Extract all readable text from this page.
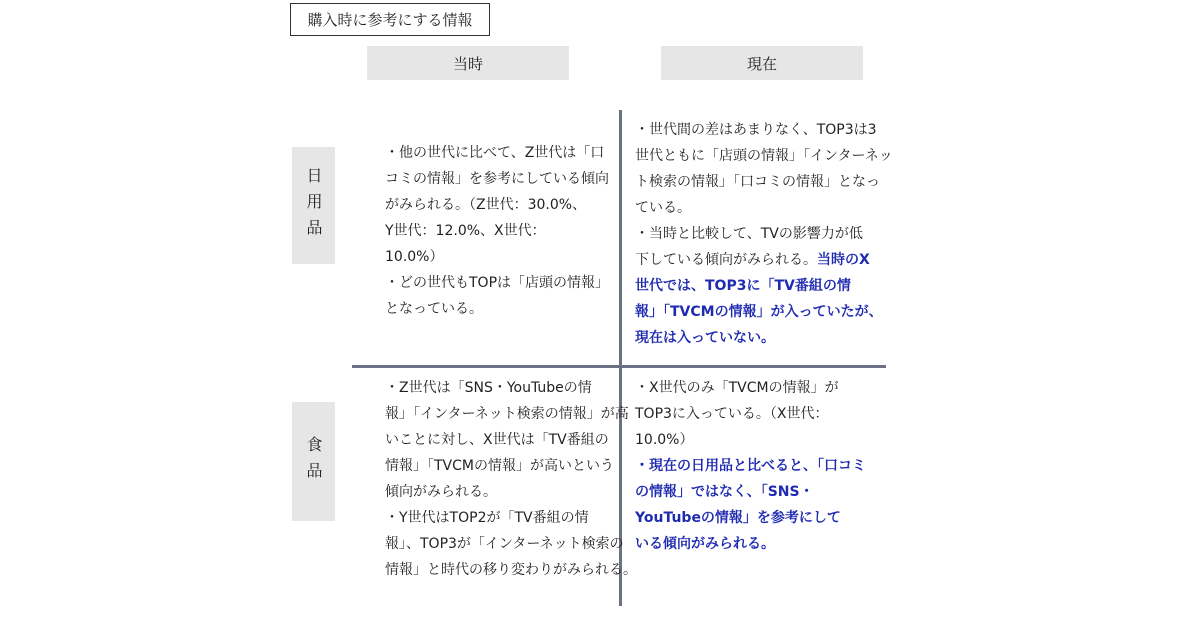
購入時に参考にする情報
当時	現在
日用品
食品
・他の世代に比べて、Z世代は「口
コミの情報」を参考にしている傾向
がみられる。（Z世代：30.0%、
Y世代：12.0%、X世代：
10.0%）
・どの世代もTOPは「店頭の情報」
となっている。
・世代間の差はあまりなく、TOP3は3
世代ともに「店頭の情報」「インターネッ
ト検索の情報」「口コミの情報」となっ
ている。
・当時と比較して、TVの影響力が低
下している傾向がみられる。当時のX
世代では、TOP3に「TV番組の情
報」「TVCMの情報」が入っていたが、
現在は入っていない。
・Z世代は「SNS・YouTubeの情
報」「インターネット検索の情報」が高
いことに対し、X世代は「TV番組の
情報」「TVCMの情報」が高いという
傾向がみられる。
・Y世代はTOP2が「TV番組の情
報」、TOP3が「インターネット検索の
情報」と時代の移り変わりがみられる。
・X世代のみ「TVCMの情報」が
TOP3に入っている。（X世代：
10.0%）
・現在の日用品と比べると、「口コミ
の情報」ではなく、「SNS・
YouTubeの情報」を参考にして
いる傾向がみられる。
